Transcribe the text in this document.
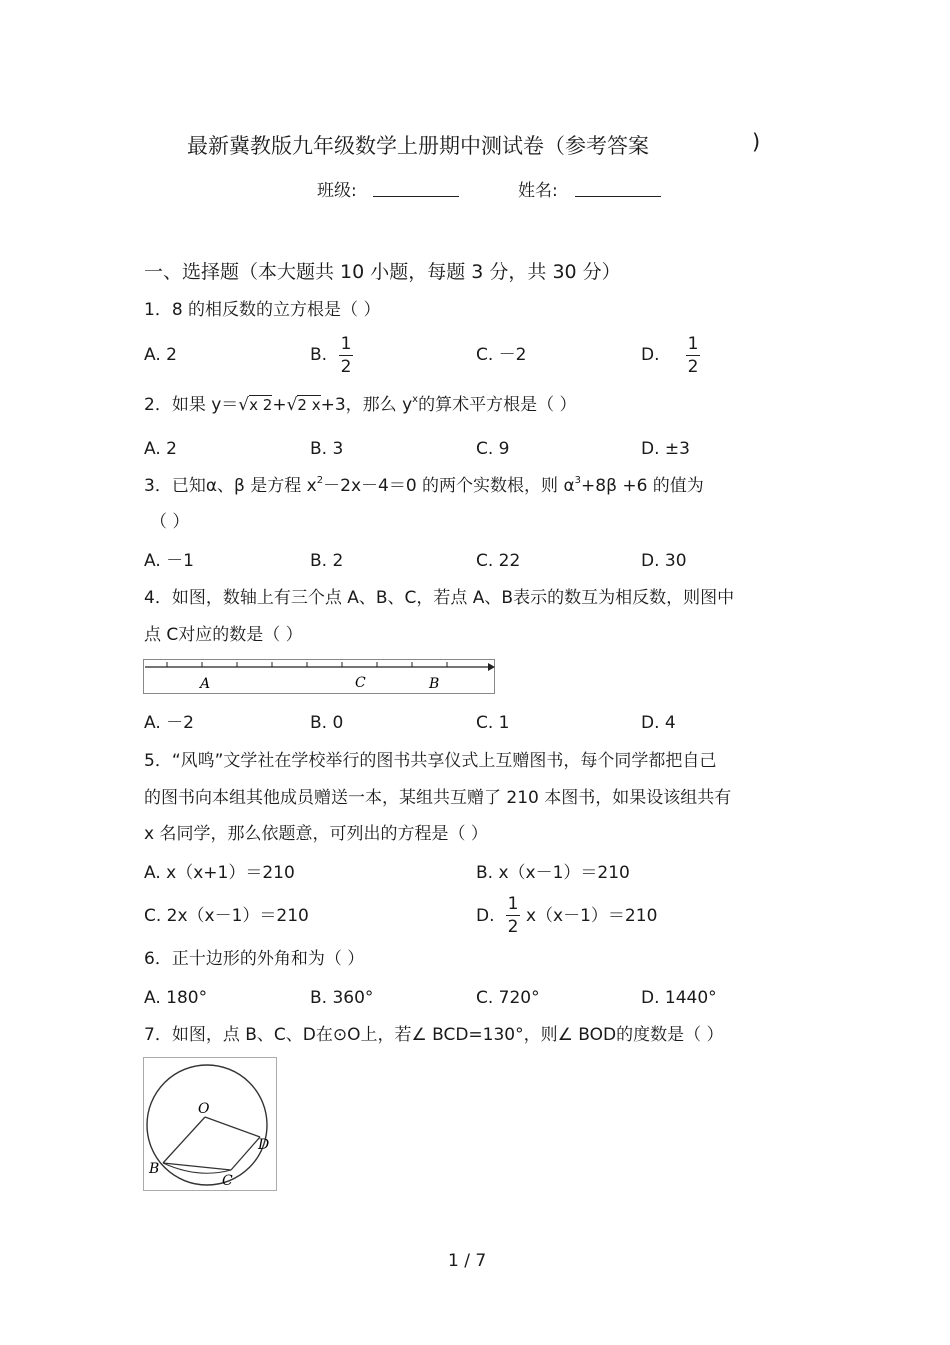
最新冀教版九年级数学上册期中测试卷（参考答案	)
班级:	姓名:
一、选择题（本大题共 10 小题，每题 3 分，共 30 分）
1．8 的相反数的立方根是（ ）
A. 2	B.
1
2
C. －2	D.
1
2
2．如果 y＝√x 2+√2 x+3，那么 $y^x$的算术平方根是（ ）
A. 2	B. 3	C. 9	D. ±3
3．已知α、β 是方程 $x^2-2x-4=0$ 的两个实数根，则 $\alpha^3+8\beta +6$ 的值为
（ ）
A. －1	B. 2	C. 22	D. 30
4．如图，数轴上有三个点 A、B、C，若点 A、B表示的数互为相反数，则图中
点 C对应的数是（ ）
A	C	B
A. －2	B. 0	C. 1	D. 4
5．“风鸣”文学社在学校举行的图书共享仪式上互赠图书，每个同学都把自己
的图书向本组其他成员赠送一本，某组共互赠了 210 本图书，如果设该组共有
x 名同学，那么依题意，可列出的方程是（ ）
A. x（x+1）＝210	B. x（x－1）＝210
C. 2x（x－1）＝210	D.
1
2
x（x－1）＝210
6．正十边形的外角和为（ ）
A. 180°	B. 360°	C. 720°	D. 1440°
7．如图，点 B、C、D在⊙O上，若∠ BCD=130°，则∠ BOD的度数是（ ）
O
D
B
C
1 / 7
